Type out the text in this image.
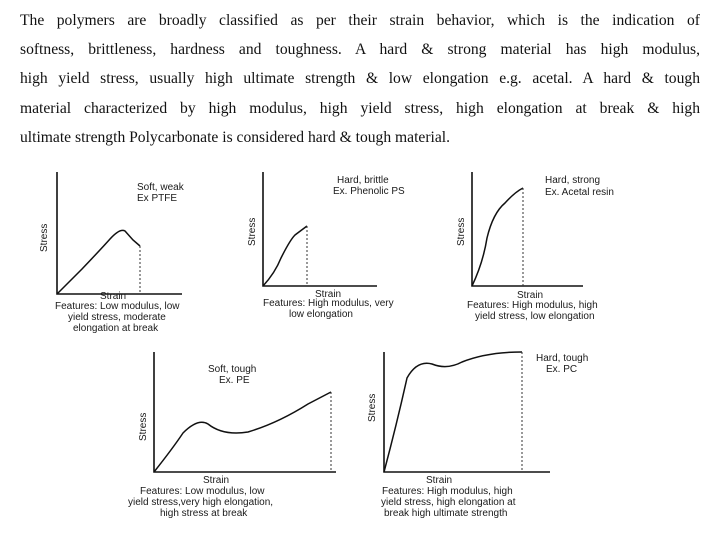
The polymers are broadly classified as per their strain behavior, which is the indication of
softness, brittleness, hardness and toughness. A hard & strong material has high modulus,
high yield stress, usually high ultimate strength & low elongation e.g. acetal. A hard & tough
material characterized by high modulus, high yield stress, high elongation at break & high
ultimate strength Polycarbonate is considered hard & tough material.
Soft, weak
Ex PTFE
Stress
Strain
Features: Low modulus, low
yield stress, moderate
elongation at break
Hard, brittle
Ex. Phenolic PS
Stress
Strain
Features: High modulus, very
low elongation
Hard, strong
Ex. Acetal resin
Stress
Strain
Features: High modulus, high
yield stress, low elongation
Soft, tough
Ex. PE
Stress
Strain
Features: Low modulus, low
yield stress,very high elongation,
high stress at break
Hard, tough
Ex. PC
Stress
Strain
Features: High modulus, high
yield stress, high elongation at
break high ultimate strength
